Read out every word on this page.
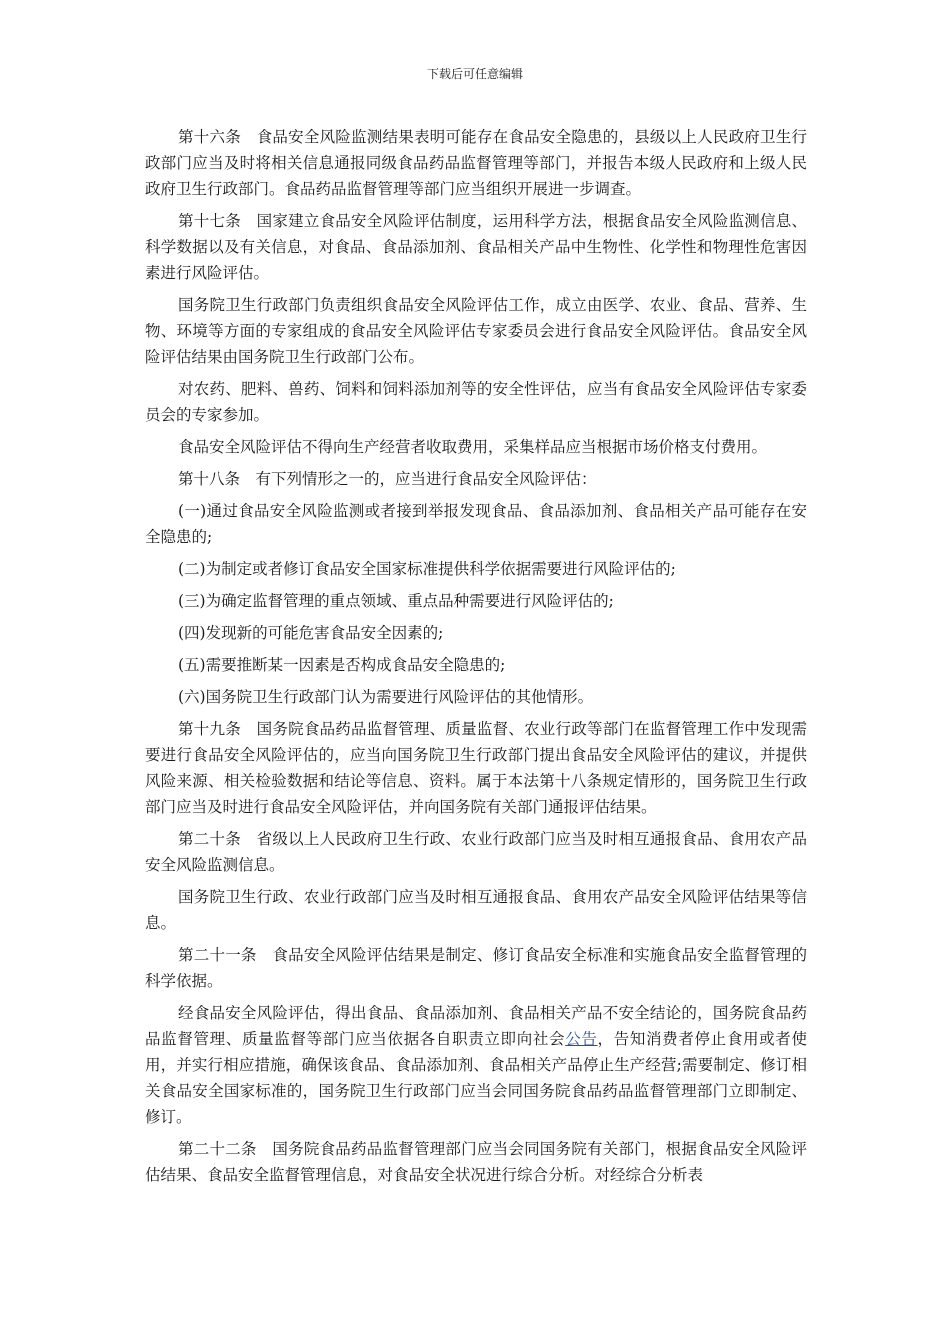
下载后可任意编辑

第十六条　食品安全风险监测结果表明可能存在食品安全隐患的，县级以上人民政府卫生行政部门应当及时将相关信息通报同级食品药品监督管理等部门，并报告本级人民政府和上级人民政府卫生行政部门。食品药品监督管理等部门应当组织开展进一步调查。

第十七条　国家建立食品安全风险评估制度，运用科学方法，根据食品安全风险监测信息、科学数据以及有关信息，对食品、食品添加剂、食品相关产品中生物性、化学性和物理性危害因素进行风险评估。

国务院卫生行政部门负责组织食品安全风险评估工作，成立由医学、农业、食品、营养、生物、环境等方面的专家组成的食品安全风险评估专家委员会进行食品安全风险评估。食品安全风险评估结果由国务院卫生行政部门公布。

对农药、肥料、兽药、饲料和饲料添加剂等的安全性评估，应当有食品安全风险评估专家委员会的专家参加。

食品安全风险评估不得向生产经营者收取费用，采集样品应当根据市场价格支付费用。

第十八条　有下列情形之一的，应当进行食品安全风险评估：

(一)通过食品安全风险监测或者接到举报发现食品、食品添加剂、食品相关产品可能存在安全隐患的;

(二)为制定或者修订食品安全国家标准提供科学依据需要进行风险评估的;

(三)为确定监督管理的重点领域、重点品种需要进行风险评估的;

(四)发现新的可能危害食品安全因素的;

(五)需要推断某一因素是否构成食品安全隐患的;

(六)国务院卫生行政部门认为需要进行风险评估的其他情形。

第十九条　国务院食品药品监督管理、质量监督、农业行政等部门在监督管理工作中发现需要进行食品安全风险评估的，应当向国务院卫生行政部门提出食品安全风险评估的建议，并提供风险来源、相关检验数据和结论等信息、资料。属于本法第十八条规定情形的，国务院卫生行政部门应当及时进行食品安全风险评估，并向国务院有关部门通报评估结果。

第二十条　省级以上人民政府卫生行政、农业行政部门应当及时相互通报食品、食用农产品安全风险监测信息。

国务院卫生行政、农业行政部门应当及时相互通报食品、食用农产品安全风险评估结果等信息。

第二十一条　食品安全风险评估结果是制定、修订食品安全标准和实施食品安全监督管理的科学依据。

经食品安全风险评估，得出食品、食品添加剂、食品相关产品不安全结论的，国务院食品药品监督管理、质量监督等部门应当依据各自职责立即向社会公告，告知消费者停止食用或者使用，并实行相应措施，确保该食品、食品添加剂、食品相关产品停止生产经营;需要制定、修订相关食品安全国家标准的，国务院卫生行政部门应当会同国务院食品药品监督管理部门立即制定、修订。

第二十二条　国务院食品药品监督管理部门应当会同国务院有关部门，根据食品安全风险评估结果、食品安全监督管理信息，对食品安全状况进行综合分析。对经综合分析表
